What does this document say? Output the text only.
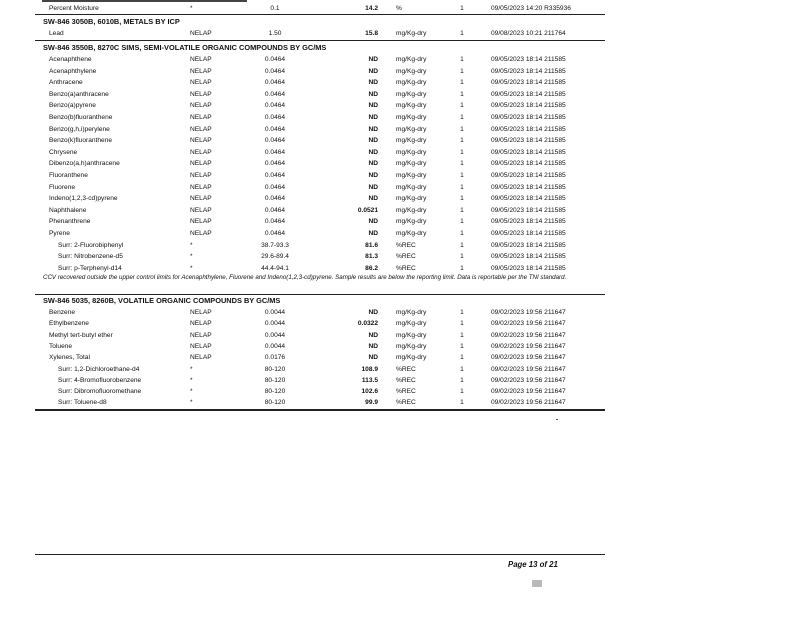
Percent Moisture	*	0.1	14.2	%	1	09/05/2023 14:20 R335936
SW-846 3050B, 6010B, METALS BY ICP
Lead	NELAP	1.50	15.8	mg/Kg-dry	1	09/08/2023 10:21 211764
SW-846 3550B, 8270C SIMS, SEMI-VOLATILE ORGANIC COMPOUNDS BY GC/MS
Acenaphthene	NELAP	0.0464	ND	mg/Kg-dry	1	09/05/2023 18:14 211585
Acenaphthylene	NELAP	0.0464	ND	mg/Kg-dry	1	09/05/2023 18:14 211585
Anthracene	NELAP	0.0464	ND	mg/Kg-dry	1	09/05/2023 18:14 211585
Benzo(a)anthracene	NELAP	0.0464	ND	mg/Kg-dry	1	09/05/2023 18:14 211585
Benzo(a)pyrene	NELAP	0.0464	ND	mg/Kg-dry	1	09/05/2023 18:14 211585
Benzo(b)fluoranthene	NELAP	0.0464	ND	mg/Kg-dry	1	09/05/2023 18:14 211585
Benzo(g,h,i)perylene	NELAP	0.0464	ND	mg/Kg-dry	1	09/05/2023 18:14 211585
Benzo(k)fluoranthene	NELAP	0.0464	ND	mg/Kg-dry	1	09/05/2023 18:14 211585
Chrysene	NELAP	0.0464	ND	mg/Kg-dry	1	09/05/2023 18:14 211585
Dibenzo(a,h)anthracene	NELAP	0.0464	ND	mg/Kg-dry	1	09/05/2023 18:14 211585
Fluoranthene	NELAP	0.0464	ND	mg/Kg-dry	1	09/05/2023 18:14 211585
Fluorene	NELAP	0.0464	ND	mg/Kg-dry	1	09/05/2023 18:14 211585
Indeno(1,2,3-cd)pyrene	NELAP	0.0464	ND	mg/Kg-dry	1	09/05/2023 18:14 211585
Naphthalene	NELAP	0.0464	0.0521	mg/Kg-dry	1	09/05/2023 18:14 211585
Phenanthrene	NELAP	0.0464	ND	mg/Kg-dry	1	09/05/2023 18:14 211585
Pyrene	NELAP	0.0464	ND	mg/Kg-dry	1	09/05/2023 18:14 211585
Surr: 2-Fluorobiphenyl	*	38.7-93.3	81.6	%REC	1	09/05/2023 18:14 211585
Surr: Nitrobenzene-d5	*	29.6-89.4	81.3	%REC	1	09/05/2023 18:14 211585
Surr: p-Terphenyl-d14	*	44.4-94.1	86.2	%REC	1	09/05/2023 18:14 211585
CCV recovered outside the upper control limits for Acenaphthylene, Fluorene and Indeno(1,2,3-cd)pyrene. Sample results are below the reporting limit. Data is reportable per the TNI standard.
SW-846 5035, 8260B, VOLATILE ORGANIC COMPOUNDS BY GC/MS
Benzene	NELAP	0.0044	ND	mg/Kg-dry	1	09/02/2023 19:56 211647
Ethylbenzene	NELAP	0.0044	0.0322	mg/Kg-dry	1	09/02/2023 19:56 211647
Methyl tert-butyl ether	NELAP	0.0044	ND	mg/Kg-dry	1	09/02/2023 19:56 211647
Toluene	NELAP	0.0044	ND	mg/Kg-dry	1	09/02/2023 19:56 211647
Xylenes, Total	NELAP	0.0176	ND	mg/Kg-dry	1	09/02/2023 19:56 211647
Surr: 1,2-Dichloroethane-d4	*	80-120	108.9	%REC	1	09/02/2023 19:56 211647
Surr: 4-Bromofluorobenzene	*	80-120	113.5	%REC	1	09/02/2023 19:56 211647
Surr: Dibromofluoromethane	*	80-120	102.6	%REC	1	09/02/2023 19:56 211647
Surr: Toluene-d8	*	80-120	99.9	%REC	1	09/02/2023 19:56 211647
Page 13 of 21
